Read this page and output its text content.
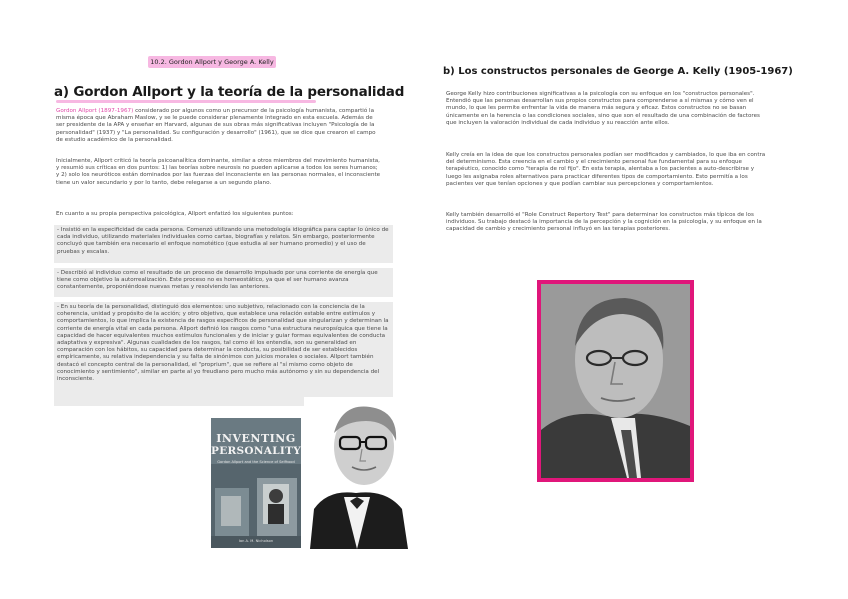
10.2. Gordon Allport y George A. Kelly
a) Gordon Allport y la teoría de la personalidad

Gordon Allport (1897-1967) considerado por algunos como un precursor de la psicología humanista, compartió la misma época que Abraham Maslow, y se le puede considerar plenamente integrado en esta escuela. Además de ser presidente de la APA y enseñar en Harvard, algunas de sus obras más significativas incluyen "Psicología de la personalidad" (1937) y "La personalidad. Su configuración y desarrollo" (1961), que se dice que crearon el campo de estudio académico de la personalidad.

Inicialmente, Allport criticó la teoría psicoanalítica dominante, similar a otros miembros del movimiento humanista, y resumió sus críticas en dos puntos: 1) las teorías sobre neurosis no pueden aplicarse a todos los seres humanos; y 2) solo los neuróticos están dominados por las fuerzas del inconsciente en las personas normales, el inconsciente tiene un valor secundario y por lo tanto, debe relegarse a un segundo plano.

En cuanto a su propia perspectiva psicológica, Allport enfatizó los siguientes puntos:

- Insistió en la especificidad de cada persona. Comenzó utilizando una metodología idiográfica para captar lo único de cada individuo, utilizando materiales individuales como cartas, biografías y relatos. Sin embargo, posteriormente concluyó que también era necesario el enfoque nomotético (que estudia al ser humano promedio) y el uso de pruebas y escalas.

- Describió al individuo como el resultado de un proceso de desarrollo impulsado por una corriente de energía que tiene como objetivo la autorrealización. Este proceso no es homeostático, ya que el ser humano avanza constantemente, proponiéndose nuevas metas y resolviendo las anteriores.

- En su teoría de la personalidad, distinguió dos elementos: uno subjetivo, relacionado con la conciencia de la coherencia, unidad y propósito de la acción; y otro objetivo, que establece una relación estable entre estímulos y comportamientos, lo que implica la existencia de rasgos específicos de personalidad que singularizan y determinan la corriente de energía vital en cada persona. Allport definió los rasgos como "una estructura neuropsíquica que tiene la capacidad de hacer equivalentes muchos estímulos funcionales y de iniciar y guiar formas equivalentes de conducta adaptativa y expresiva". Algunas cualidades de los rasgos, tal como él los entendía, son su generalidad en comparación con los hábitos, su capacidad para determinar la conducta, su posibilidad de ser establecidos empíricamente, su relativa independencia y su falta de sinónimos con juicios morales o sociales. Allport también destacó el concepto central de la personalidad, el "proprium", que se refiere al "sí mismo como objeto de conocimiento y sentimiento", similar en parte al yo freudiano pero mucho más autónomo y sin su dependencia del inconsciente.

INVENTING
PERSONALITY
Gordon Allport and the Science of Selfhood
Ian A. M. Nicholson
b) Los constructos personales de George A. Kelly (1905-1967)

George Kelly hizo contribuciones significativas a la psicología con su enfoque en los "constructos personales". Entendió que las personas desarrollan sus propios constructos para comprenderse a sí mismas y cómo ven el mundo, lo que les permite enfrentar la vida de manera más segura y eficaz. Estos constructos no se basan únicamente en la herencia o las condiciones sociales, sino que son el resultado de una combinación de factores que incluyen la valoración individual de cada individuo y su reacción ante ellos.

Kelly creía en la idea de que los constructos personales podían ser modificados y cambiados, lo que iba en contra del determinismo. Esta creencia en el cambio y el crecimiento personal fue fundamental para su enfoque terapéutico, conocido como "terapia de rol fijo". En esta terapia, alentaba a los pacientes a auto-describirse y luego les asignaba roles alternativos para practicar diferentes tipos de comportamiento. Esto permitía a los pacientes ver que tenían opciones y que podían cambiar sus percepciones y comportamientos.

Kelly también desarrolló el "Role Construct Repertory Test" para determinar los constructos más típicos de los individuos. Su trabajo destacó la importancia de la percepción y la cognición en la psicología, y su enfoque en la capacidad de cambio y crecimiento personal influyó en las terapias posteriores.
